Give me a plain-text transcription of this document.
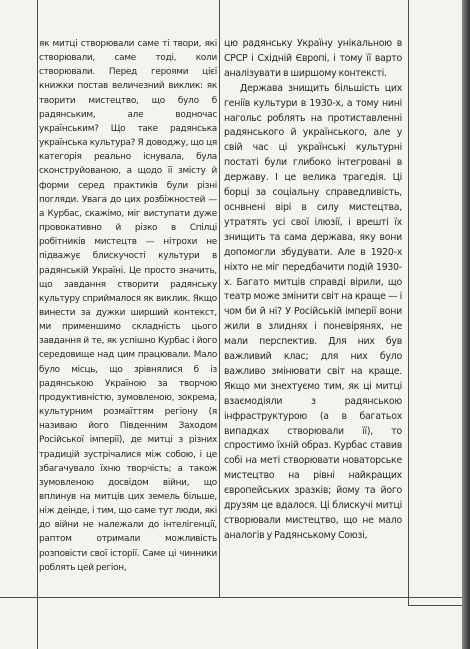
як митці створювали саме ті твори, які створювали, саме тоді, коли створювали. Перед героями цієї книжки постав величезний виклик: як творити мистецтво, що було б радянським, але водночас українським? Що таке радянська українська культура? Я доводжу, що ця категорія реально існувала, була сконструйованою, а щодо її змісту й форми серед практиків були різні погляди. Увага до цих розбіжностей — а Курбас, скажімо, міг виступати дуже провокативно й різко в Спілці робітників мистецтв — нітрохи не підважує блискучості культури в радянській Україні. Це просто значить, що завдання створити радянську культуру сприймалося як виклик. Якщо винести за дужки ширший контекст, ми применшимо складність цього завдання й те, як успішно Курбас і його середовище над цим працювали. Мало було місць, що зрівнялися б із радянською Україною за творчою продуктивністю, зумовленою, зокрема, культурним розмаїттям регіону (я називаю його Південним Заходом Російської імперії), де митці з різних традицій зустрічалися між собою, і це збагачувало їхню творчість; а також зумовленою досвідом війни, що вплинув на митців цих земель більше, ніж деінде, і тим, що саме тут люди, які до війни не належали до інтелігенції, раптом отримали можливість розповісти свої історії. Саме ці чинники роблять цей регіон,

цю радянську Україну унікальною в СРСР і Східній Європі, і тому її варто аналізувати в ширшому контексті.

Держава знищить більшість цих геніїв культури в 1930-х, а тому нині нагольс роблять на протиставленні радянського й українського, але у свій час ці українські культурні постаті були глибоко інтегровані в державу. І це велика трагедія. Ці борці за соціальну справедливість, оснвнені вірі в силу мистецтва, утратять усі свої ілюзії, і врешті їх знищить та сама держава, яку вони допомогли збудувати. Але в 1920-х ніхто не міг передбачити подій 1930-х. Багато митців справді вірили, що театр може змінити світ на краще — і чом би й ні? У Російській імперії вони жили в злиднях і поневірянях, не мали перспектив. Для них був важливий клас; для них було важливо змінювати світ на краще. Якщо ми знехтуємо тим, як ці митці взаємодіяли з радянською інфраструктурою (а в багатьох випадках створювали її), то спростимо їхній образ. Курбас ставив собі на меті створювати новаторське мистецтво на рівні найкращих європейських зразків; йому та його друзям це вдалося. Ці блискучі митці створювали мистецтво, що не мало аналогів у Радянському Союзі,
